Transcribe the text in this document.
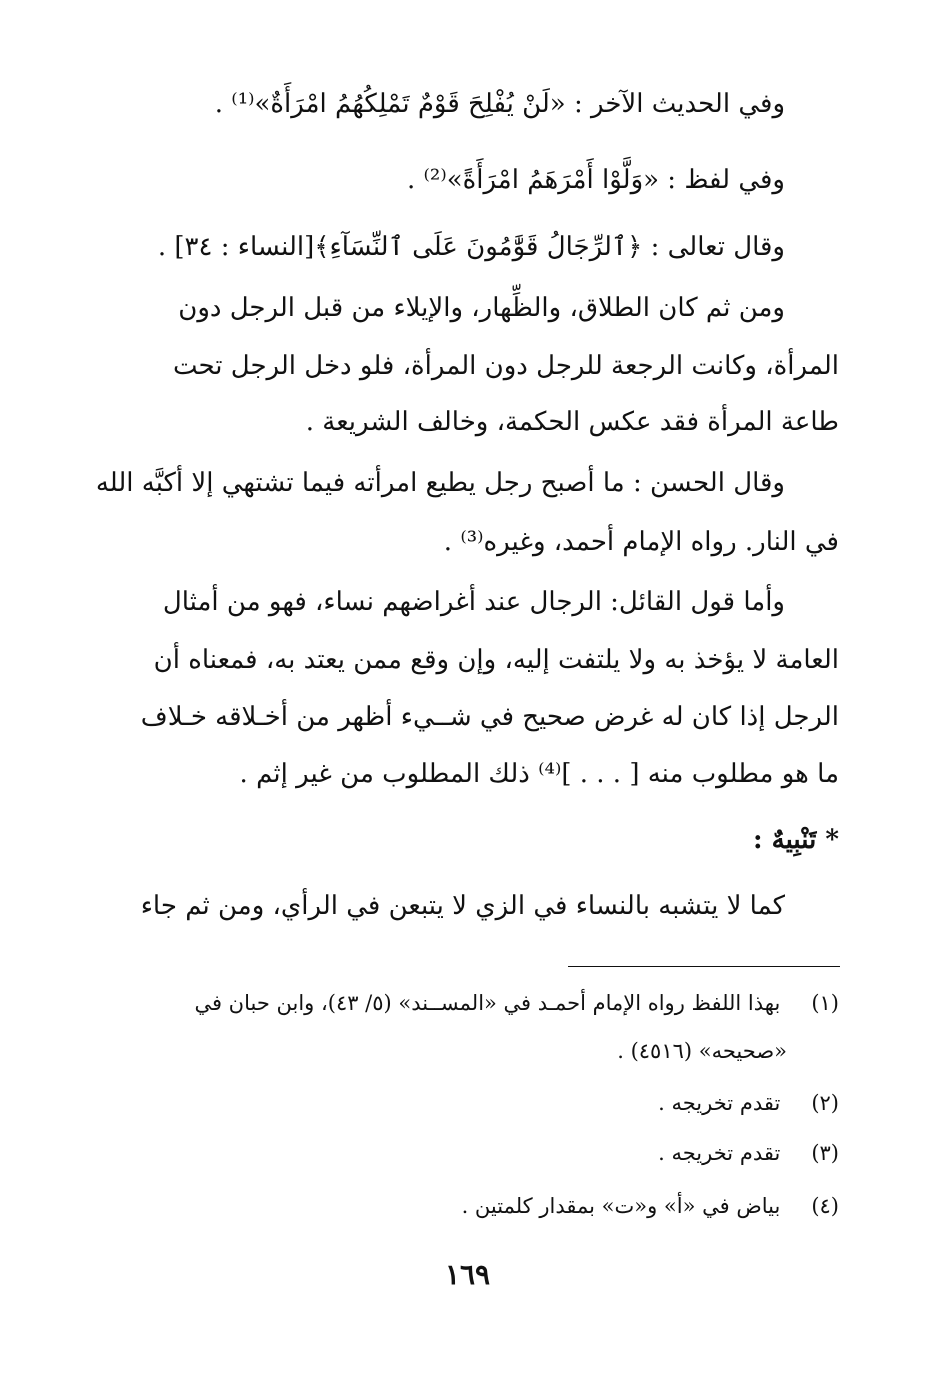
وفي الحديث الآخر : «لَنْ يُفْلِحَ قَوْمٌ تَمْلِكُهُمُ امْرَأَةٌ»⁽¹⁾ .
وفي لفظ : «وَلَّوْا أَمْرَهَمُ امْرَأَةً»⁽²⁾ .
وقال تعالى : ﴿ٱلرِّجَالُ قَوَّٰمُونَ عَلَى ٱلنِّسَآءِ﴾[النساء : ٣٤] .
ومن ثم كان الطلاق، والظِّهار، والإيلاء من قبل الرجل دون
المرأة، وكانت الرجعة للرجل دون المرأة، فلو دخل الرجل تحت
طاعة المرأة فقد عكس الحكمة، وخالف الشريعة .
وقال الحسن : ما أصبح رجل يطيع امرأته فيما تشتهي إلا أكبَّه الله
في النار. رواه الإمام أحمد، وغيره⁽³⁾ .
وأما قول القائل: الرجال عند أغراضهم نساء، فهو من أمثال
العامة لا يؤخذ به ولا يلتفت إليه، وإن وقع ممن يعتد به، فمعناه أن
الرجل إذا كان له غرض صحيح في شــيء أظهر من أخـلاقه خـلاف
ما هو مطلوب منه [ . . . ]⁽⁴⁾ ذلك المطلوب من غير إثم .
* تَنْبِيهٌ :
كما لا يتشبه بالنساء في الزي لا يتبعن في الرأي، ومن ثم جاء
(١) بهذا اللفظ رواه الإمام أحمـد في «المســند» (٥/ ٤٣)، وابن حبان في
«صحيحه» (٤٥١٦) .
(٢) تقدم تخريجه .
(٣) تقدم تخريجه .
(٤) بياض في «أ» و«ت» بمقدار كلمتين .
١٦٩
